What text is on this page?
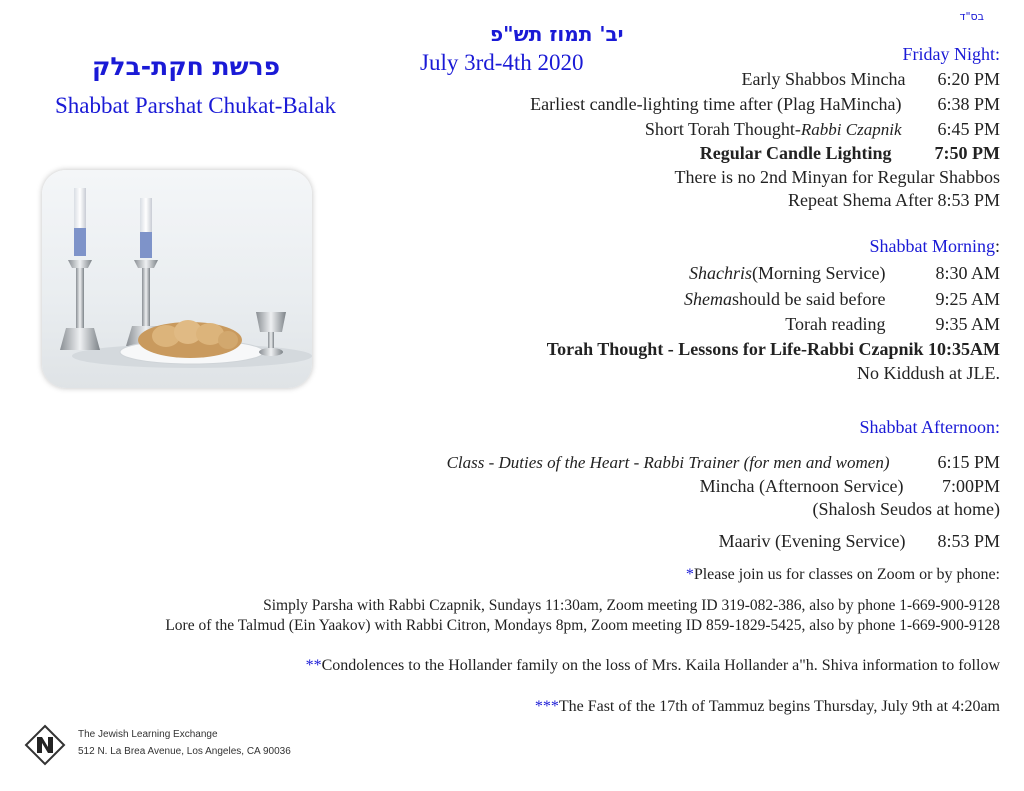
בס"ד
יב' תמוז תש"פ
July 3rd-4th 2020
פרשת חקת-בלק
Shabbat Parshat Chukat-Balak
Friday Night:
Early Shabbos Mincha 6:20 PM
Earliest candle-lighting time after (Plag HaMincha) 6:38 PM
Short Torah Thought-Rabbi Czapnik 6:45 PM
Regular Candle Lighting 7:50 PM
There is no 2nd Minyan for Regular Shabbos
Repeat Shema After 8:53 PM
Shabbat Morning:
Shachris(Morning Service)	8:30 AM
Shemashould be said before	9:25 AM
Torah reading	9:35 AM
Torah Thought - Lessons for Life-Rabbi Czapnik 10:35AM
No Kiddush at JLE.
Shabbat Afternoon:
Class - Duties of the Heart - Rabbi Trainer (for men and women)	6:15 PM
Mincha (Afternoon Service) 7:00PM
(Shalosh Seudos at home)
Maariv (Evening Service) 8:53 PM
*Please join us for classes on Zoom or by phone:
Simply Parsha with Rabbi Czapnik, Sundays 11:30am, Zoom meeting ID 319-082-386, also by phone 1-669-900-9128
Lore of the Talmud (Ein Yaakov) with Rabbi Citron, Mondays 8pm, Zoom meeting ID 859-1829-5425, also by phone 1-669-900-9128
**Condolences to the Hollander family on the loss of Mrs. Kaila Hollander a"h. Shiva information to follow
***The Fast of the 17th of Tammuz begins Thursday, July 9th at 4:20am
The Jewish Learning Exchange
512 N. La Brea Avenue, Los Angeles, CA 90036
